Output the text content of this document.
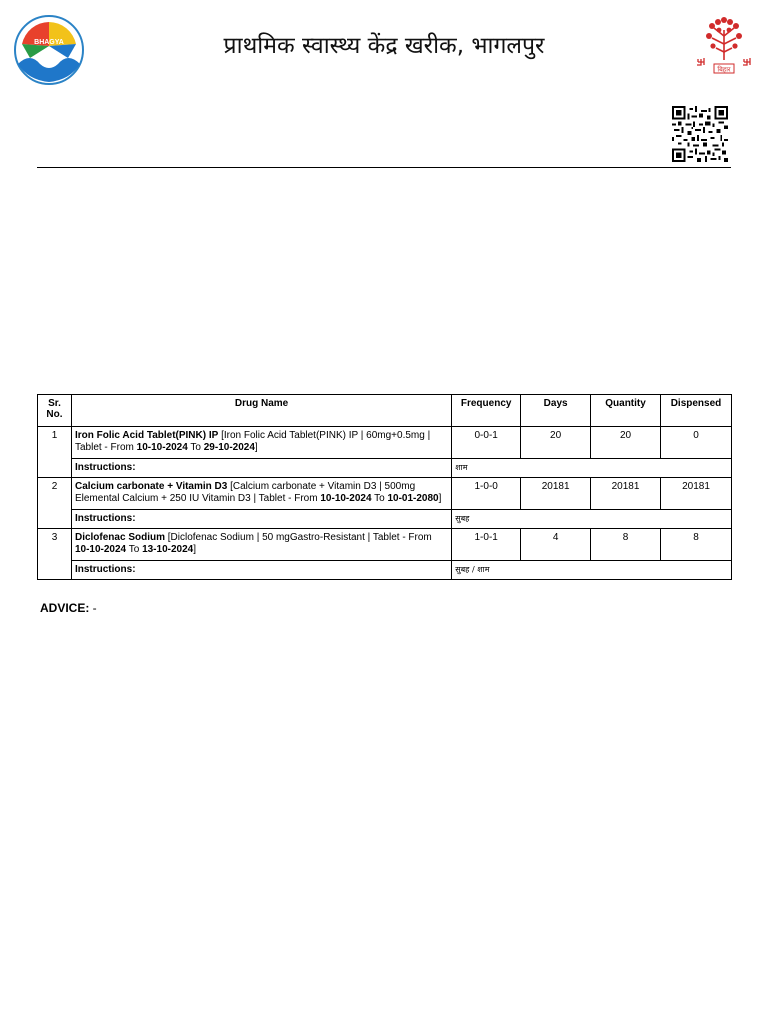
BHAGYA	प्राथमिक स्वास्थ्य केंद्र खरीक, भागलपुर
बिहार
Sr. No.	Drug Name	Frequency	Days	Quantity	Dispensed
1	Iron Folic Acid Tablet(PINK) IP [Iron Folic Acid Tablet(PINK) IP | 60mg+0.5mg | Tablet - From 10-10-2024 To 29-10-2024]	0-0-1	20	20	0
	Instructions:	शाम			
2	Calcium carbonate + Vitamin D3 [Calcium carbonate + Vitamin D3 | 500mg Elemental Calcium + 250 IU Vitamin D3 | Tablet - From 10-10-2024 To 10-01-2080]	1-0-0	20181	20181	20181
	Instructions:	सुबह			
3	Diclofenac Sodium [Diclofenac Sodium | 50 mgGastro-Resistant | Tablet - From 10-10-2024 To 13-10-2024]	1-0-1	4	8	8
	Instructions:	सुबह / शाम			
ADVICE: -
